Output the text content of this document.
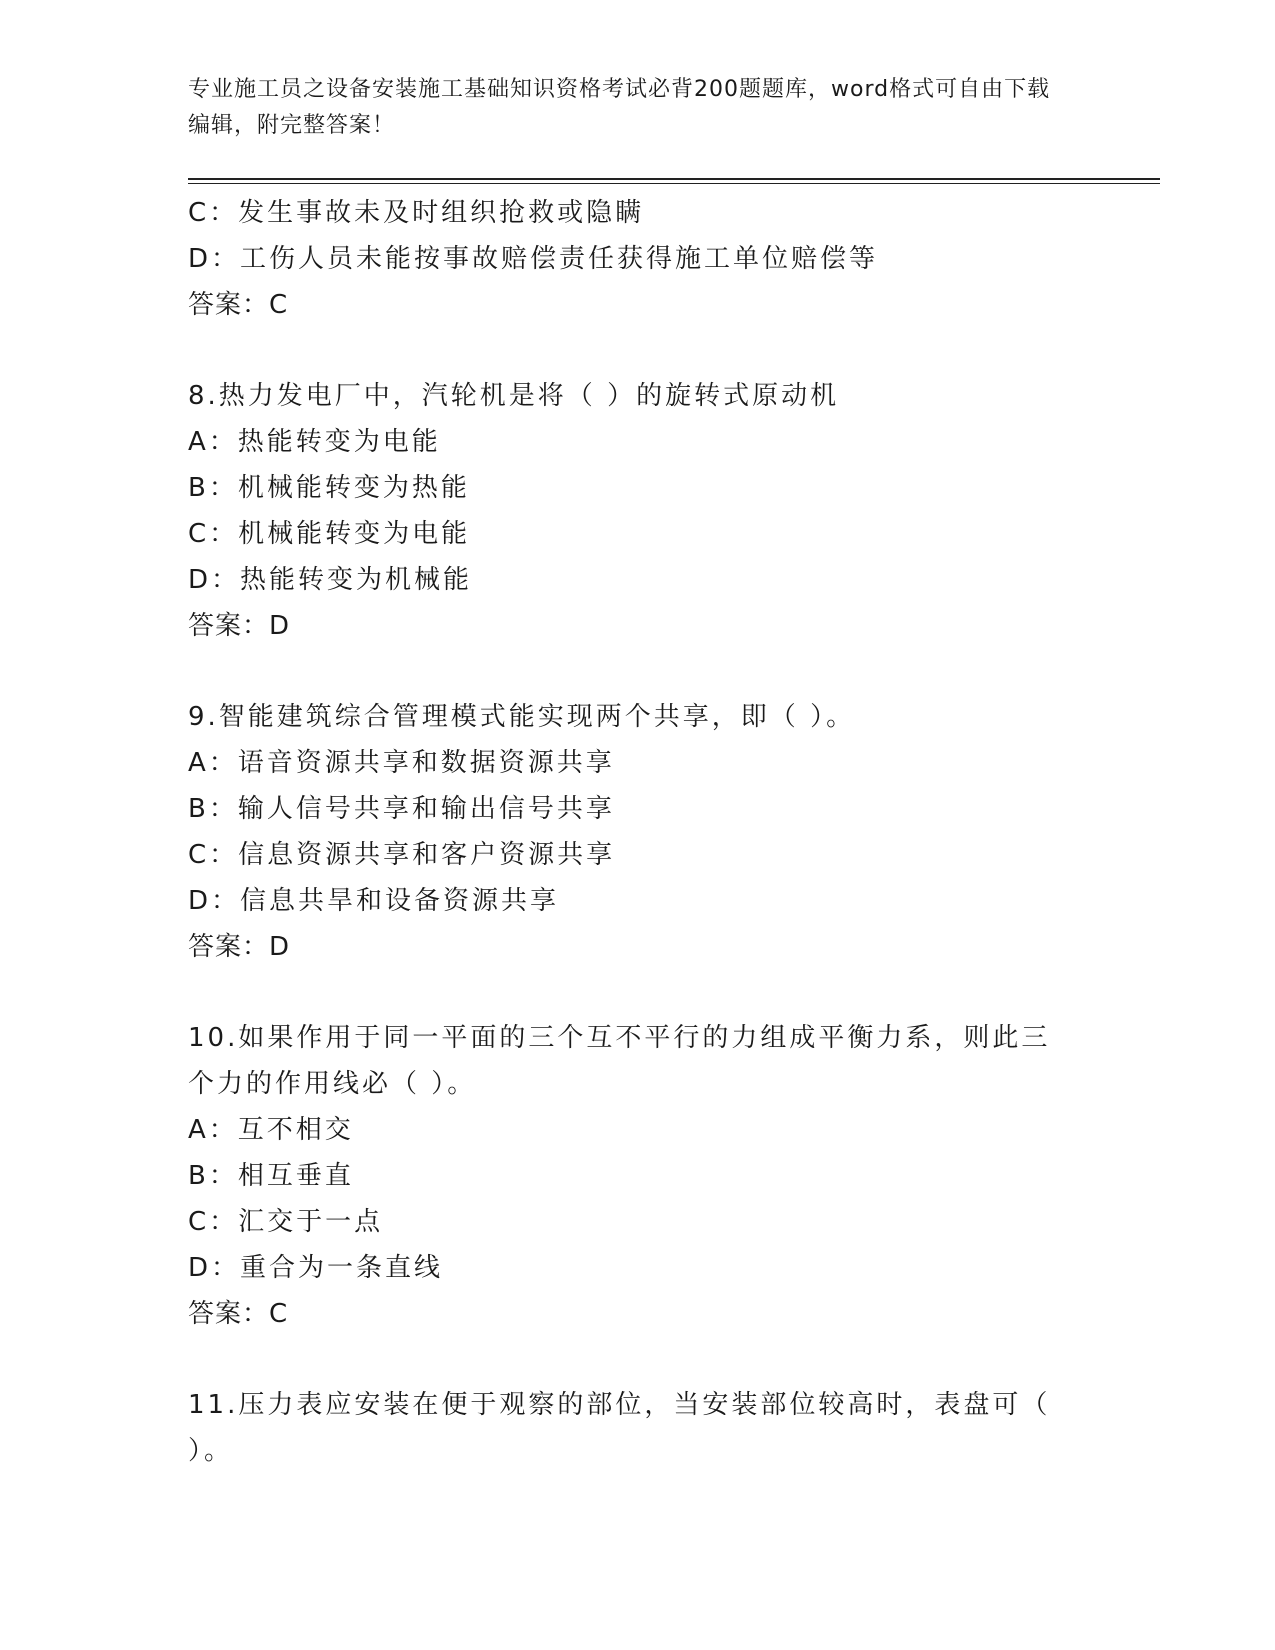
专业施工员之设备安装施工基础知识资格考试必背200题题库，word格式可自由下载编辑，附完整答案！
C：发生事故未及时组织抢救或隐瞒
D：工伤人员未能按事故赔偿责任获得施工单位赔偿等
答案：C
8.热力发电厂中，汽轮机是将（ ）的旋转式原动机
A：热能转变为电能
B：机械能转变为热能
C：机械能转变为电能
D：热能转变为机械能
答案：D
9.智能建筑综合管理模式能实现两个共享，即（ ）。
A：语音资源共享和数据资源共享
B：输人信号共享和输出信号共享
C：信息资源共享和客户资源共享
D：信息共旱和设备资源共享
答案：D
10.如果作用于同一平面的三个互不平行的力组成平衡力系，则此三个力的作用线必（ ）。
A：互不相交
B：相互垂直
C：汇交于一点
D：重合为一条直线
答案：C
11.压力表应安装在便于观察的部位，当安装部位较高时，表盘可（ ）。
